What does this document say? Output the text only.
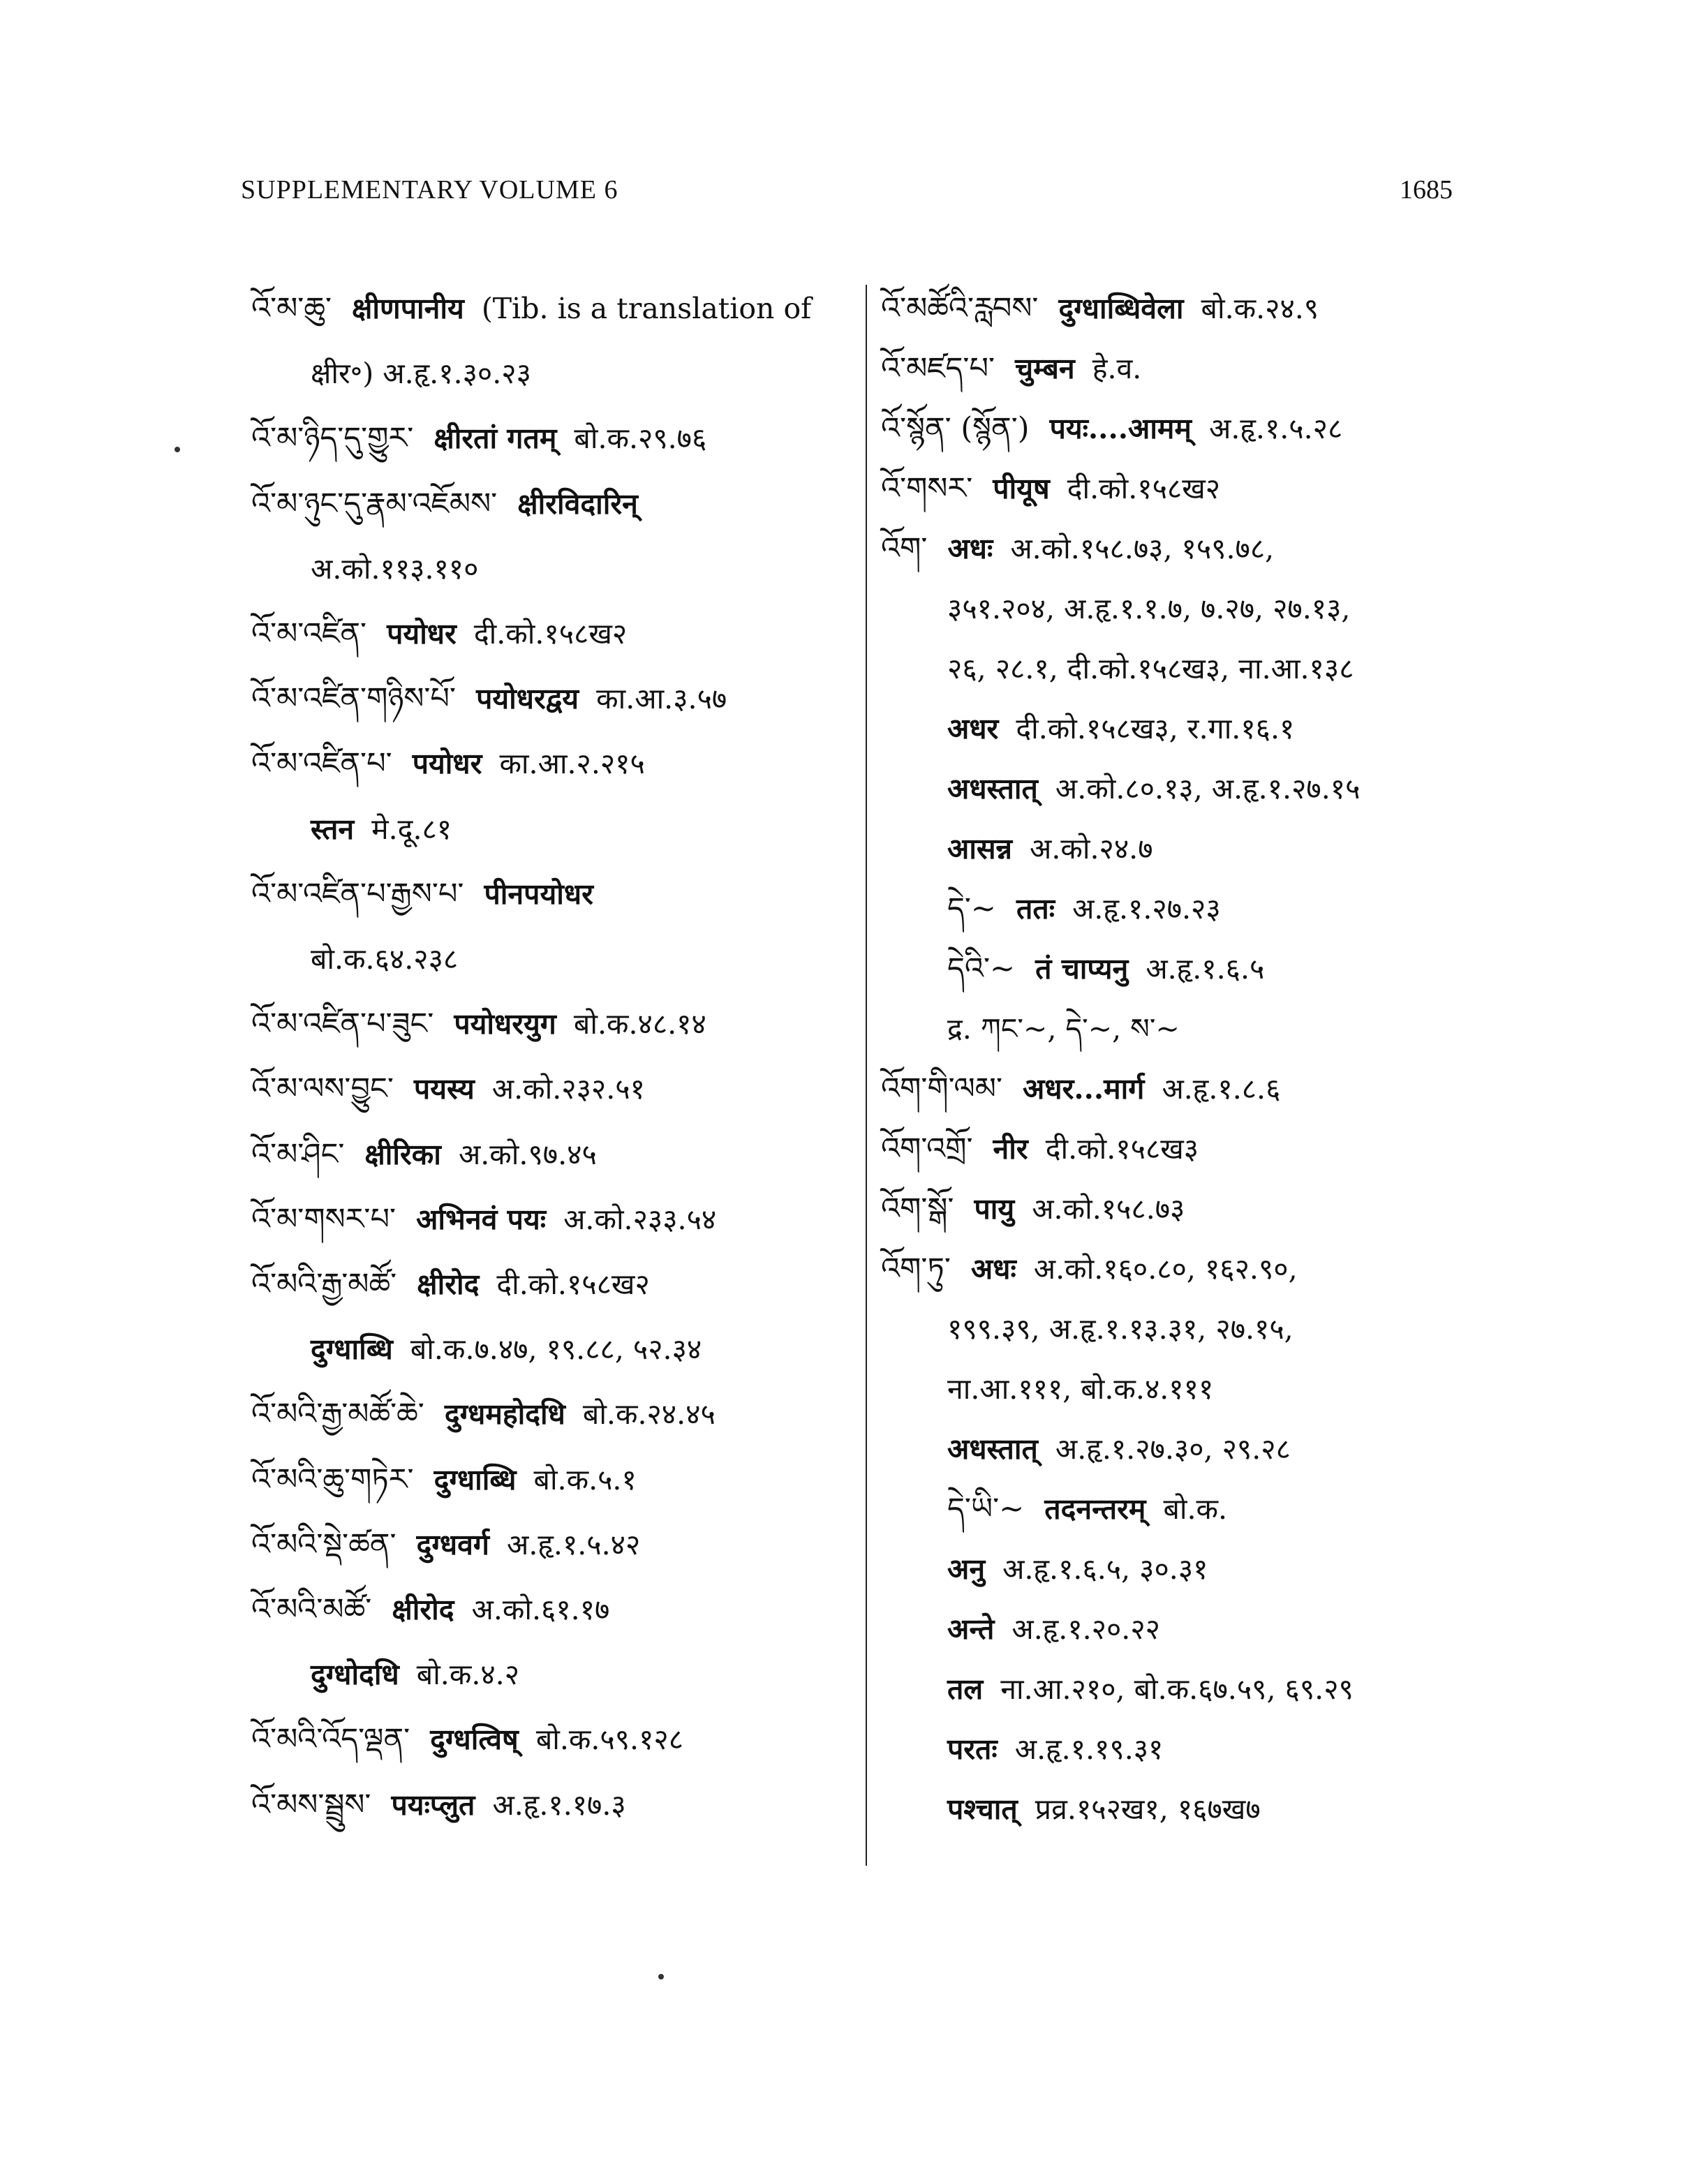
SUPPLEMENTARY VOLUME 6	1685
འོ་མ་ཆུ་ क्षीणपानीय (Tib. is a translation of
क्षीर॰) अ.हृ.१.३०.२३
འོ་མ་ཉིད་དུ་གྱུར་ क्षीरतां गतम् बो.क.२९.७६
འོ་མ་ཉུང་དུ་རྣམ་འཇོམས་ क्षीरविदारिन्
अ.को.११३.११०
འོ་མ་འཛིན་ पयोधर दी.को.१५८ख२
འོ་མ་འཛིན་གཉིས་པོ་ पयोधरद्वय का.आ.३.५७
འོ་མ་འཛིན་པ་ पयोधर का.आ.२.२१५
स्तन मे.दू.८१
འོ་མ་འཛིན་པ་རྒྱས་པ་ पीनपयोधर
बो.क.६४.२३८
འོ་མ་འཛིན་པ་ཟུང་ पयोधरयुग बो.क.४८.१४
འོ་མ་ལས་བྱུང་ पयस्य अ.को.२३२.५१
འོ་མ་ཤིང་ क्षीरिका अ.को.९७.४५
འོ་མ་གསར་པ་ अभिनवं पयः अ.को.२३३.५४
འོ་མའི་རྒྱ་མཚོ་ क्षीरोद दी.को.१५८ख२
दुग्धाब्धि बो.क.७.४७, १९.८८, ५२.३४
འོ་མའི་རྒྱ་མཚོ་ཆེ་ दुग्धमहोदधि बो.क.२४.४५
འོ་མའི་ཆུ་གཏེར་ दुग्धाब्धि बो.क.५.१
འོ་མའི་སྡེ་ཚན་ दुग्धवर्ग अ.हृ.१.५.४२
འོ་མའི་མཚོ་ क्षीरोद अ.को.६१.१७
दुग्धोदधि बो.क.४.२
འོ་མའི་འོད་ལྡན་ दुग्धत्विष् बो.क.५९.१२८
འོ་མས་སྦྲུས་ पयःप्लुत अ.हृ.१.१७.३
འོ་མཚོའི་རླབས་ दुग्धाब्धिवेला बो.क.२४.९
འོ་མཛད་པ་ चुम्बन हे.व.
འོ་སྙོན་ (སྙོན་) पयः....आमम् अ.हृ.१.५.२८
འོ་གསར་ पीयूष दी.को.१५८ख२
འོག་ अधः अ.को.१५८.७३, १५९.७८,
३५१.२०४, अ.हृ.१.१.७, ७.२७, २७.१३,
२६, २८.१, दी.को.१५८ख३, ना.आ.१३८
अधर दी.को.१५८ख३, र.गा.१६.१
अधस्तात् अ.को.८०.१३, अ.हृ.१.२७.१५
आसन्न अ.को.२४.७
དེ་~ ततः अ.हृ.१.२७.२३
དེའི་~ तं चाप्यनु अ.हृ.१.६.५
द्र. ཀང་~, དེ་~, ས་~
འོག་གི་ལམ་ अधर...मार्ग अ.हृ.१.८.६
འོག་འགྲོ་ नीर दी.को.१५८ख३
འོག་སྒོ་ पायु अ.को.१५८.७३
འོག་ཏུ་ अधः अ.को.१६०.८०, १६२.९०,
१९९.३९, अ.हृ.१.१३.३१, २७.१५,
ना.आ.१११, बो.क.४.१११
अधस्तात् अ.हृ.१.२७.३०, २९.२८
དེ་ཡི་~ तदनन्तरम् बो.क.
अनु अ.हृ.१.६.५, ३०.३१
अन्ते अ.हृ.१.२०.२२
तल ना.आ.२१०, बो.क.६७.५९, ६९.२९
परतः अ.हृ.१.१९.३१
पश्चात् प्रव्र.१५२ख१, १६७ख७
